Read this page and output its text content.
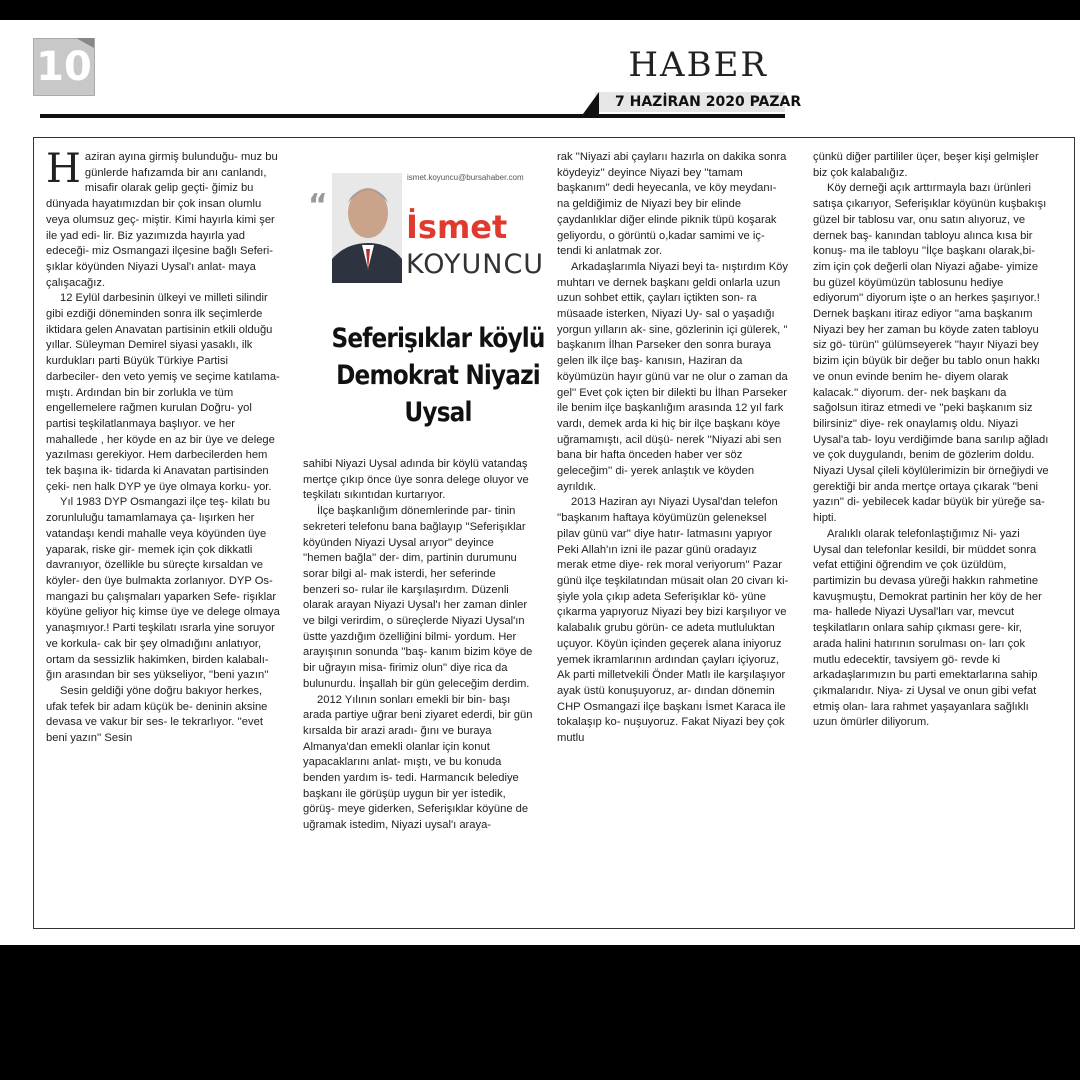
10	HABER
7 HAZİRAN 2020 PAZAR
“
ismet.koyuncu@bursahaber.com
İsmet
KOYUNCU
Seferişıklar köylü Demokrat Niyazi Uysal

Haziran ayına girmiş bulunduğu- muz bu günlerde hafızamda bir anı canlandı, misafir olarak gelip geçti- ğimiz bu dünyada hayatımızdan bir çok insan olumlu veya olumsuz geç- miştir. Kimi hayırla kimi şer ile yad edi- lir. Biz yazımızda hayırla yad edeceği- miz Osmangazi ilçesine bağlı Seferi- şıklar köyünden Niyazi Uysal'ı anlat- maya çalışacağız.

12 Eylül darbesinin ülkeyi ve milleti silindir gibi ezdiği döneminden sonra ilk seçimlerde iktidara gelen Anavatan partisinin etkili olduğu yıllar. Süleyman Demirel siyasi yasaklı, ilk kurdukları parti Büyük Türkiye Partisi darbeciler- den veto yemiş ve seçime katılama- mıştı. Ardından bin bir zorlukla ve tüm engellemelere rağmen kurulan Doğru- yol partisi teşkilatlanmaya başlıyor. ve her mahallede , her köyde en az bir üye ve delege yazılması gerekiyor. Hem darbecilerden hem tek başına ik- tidarda ki Anavatan partisinden çeki- nen halk DYP ye üye olmaya korku- yor.

Yıl 1983 DYP Osmangazi ilçe teş- kilatı bu zorunluluğu tamamlamaya ça- lışırken her vatandaşı kendi mahalle veya köyünden üye yaparak, riske gir- memek için çok dikkatli davranıyor, özellikle bu süreçte kırsaldan ve köyler- den üye bulmakta zorlanıyor. DYP Os- mangazi bu çalışmaları yaparken Sefe- rişıklar köyüne geliyor hiç kimse üye ve delege olmaya yanaşmıyor.! Parti teşkilatı ısrarla yine soruyor ve korkula- cak bir şey olmadığını anlatıyor, ortam da sessizlik hakimken, birden kalabalı- ğın arasından bir ses yükseliyor, ''beni yazın''

Sesin geldiği yöne doğru bakıyor herkes, ufak tefek bir adam küçük be- deninin aksine devasa ve vakur bir ses- le tekrarlıyor. ''evet beni yazın'' Sesin

sahibi Niyazi Uysal adında bir köylü vatandaş mertçe çıkıp önce üye sonra delege oluyor ve teşkilatı sıkıntıdan kurtarıyor.

İlçe başkanlığım dönemlerinde par- tinin sekreteri telefonu bana bağlayıp ''Seferişıklar köyünden Niyazi Uysal arıyor'' deyince ''hemen bağla'' der- dim, partinin durumunu sorar bilgi al- mak isterdi, her seferinde benzeri so- rular ile karşılaşırdım. Düzenli olarak arayan Niyazi Uysal'ı her zaman dinler ve bilgi verirdim, o süreçlerde Niyazi Uysal'ın üstte yazdığım özelliğini bilmi- yordum. Her arayışının sonunda ''baş- kanım bizim köye de bir uğrayın misa- firimiz olun'' diye rica da bulunurdu. İnşallah bir gün geleceğim derdim.

2012 Yılının sonları emekli bir bin- başı arada partiye uğrar beni ziyaret ederdi, bir gün kırsalda bir arazi aradı- ğını ve buraya Almanya'dan emekli olanlar için konut yapacaklarını anlat- mıştı, ve bu konuda benden yardım is- tedi. Harmancık belediye başkanı ile görüşüp uygun bir yer istedik, görüş- meye giderken, Seferişıklar köyüne de uğramak istedim, Niyazi uysal'ı araya-

rak ''Niyazi abi çaylarıı hazırla on dakika sonra köydeyiz'' deyince Niyazi bey ''tamam başkanım'' dedi heyecanla, ve köy meydanı- na geldiğimiz de Niyazi bey bir elinde çaydanlıklar diğer elinde piknik tüpü koşarak geliyordu, o görüntü o,kadar samimi ve iç- tendi ki anlatmak zor.

Arkadaşlarımla Niyazi beyi ta- nıştırdım Köy muhtarı ve dernek başkanı geldi onlarla uzun uzun sohbet ettik, çayları içtikten son- ra müsaade isterken, Niyazi Uy- sal o yaşadığı yorgun yılların ak- sine, gözlerinin içi gülerek, '' başkanım İlhan Parseker den sonra buraya gelen ilk ilçe baş- kanısın, Haziran da köyümüzün hayır günü var ne olur o zaman da gel'' Evet çok içten bir dilekti bu İlhan Parseker ile benim ilçe başkanlığım arasında 12 yıl fark vardı, demek arda ki hiç bir ilçe başkanı köye uğramamıştı, acil düşü- nerek ''Niyazi abi sen bana bir hafta önceden haber ver söz geleceğim'' di- yerek anlaştık ve köyden ayrıldık.

2013 Haziran ayı Niyazi Uysal'dan telefon ''başkanım haftaya köyümüzün geleneksel pilav günü var'' diye hatır- latmasını yapıyor Peki Allah'ın izni ile pazar günü oradayız merak etme diye- rek moral veriyorum'' Pazar günü ilçe teşkilatından müsait olan 20 civarı ki- şiyle yola çıkıp adeta Seferişıklar kö- yüne çıkarma yapıyoruz Niyazi bey bizi karşılıyor ve kalabalık grubu görün- ce adeta mutluluktan uçuyor. Köyün içinden geçerek alana iniyoruz yemek ikramlarının ardından çayları içiyoruz, Ak parti milletvekili Önder Matlı ile karşılaşıyor ayak üstü konuşuyoruz, ar- dından dönemin CHP Osmangazi ilçe başkanı İsmet Karaca ile tokalaşıp ko- nuşuyoruz. Fakat Niyazi bey çok mutlu

çünkü diğer partililer üçer, beşer kişi gelmişler biz çok kalabalığız.

Köy derneği açık arttırmayla bazı ürünleri satışa çıkarıyor, Seferişıklar köyünün kuşbakışı güzel bir tablosu var, onu satın alıyoruz, ve dernek baş- kanından tabloyu alınca kısa bir konuş- ma ile tabloyu ''İlçe başkanı olarak,bi- zim için çok değerli olan Niyazi ağabe- yimize bu güzel köyümüzün tablosunu hediye ediyorum'' diyorum işte o an herkes şaşırıyor.! Dernek başkanı itiraz ediyor ''ama başkanım Niyazi bey her zaman bu köyde zaten tabloyu siz gö- türün'' gülümseyerek ''hayır Niyazi bey bizim için büyük bir değer bu tablo onun hakkı ve onun evinde benim he- diyem olarak kalacak.'' diyorum. der- nek başkanı da sağolsun itiraz etmedi ve ''peki başkanım siz bilirsiniz'' diye- rek onaylamış oldu. Niyazi Uysal'a tab- loyu verdiğimde bana sarılıp ağladı ve çok duygulandı, benim de gözlerim doldu. Niyazi Uysal çileli köylülerimizin bir örneğiydi ve gerektiği bir anda mertçe ortaya çıkarak ''beni yazın'' di- yebilecek kadar büyük bir yüreğe sa- hipti.

Aralıklı olarak telefonlaştığımız Ni- yazi Uysal dan telefonlar kesildi, bir müddet sonra vefat ettiğini öğrendim ve çok üzüldüm, partimizin bu devasa yüreği hakkın rahmetine kavuşmuştu, Demokrat partinin her köy de her ma- hallede Niyazi Uysal'ları var, mevcut teşkilatların onlara sahip çıkması gere- kir, arada halini hatırının sorulması on- ları çok mutlu edecektir, tavsiyem gö- revde ki arkadaşlarımızın bu parti emektarlarına sahip çıkmalarıdır. Niya- zi Uysal ve onun gibi vefat etmiş olan- lara rahmet yaşayanlara sağlıklı uzun ömürler diliyorum.
